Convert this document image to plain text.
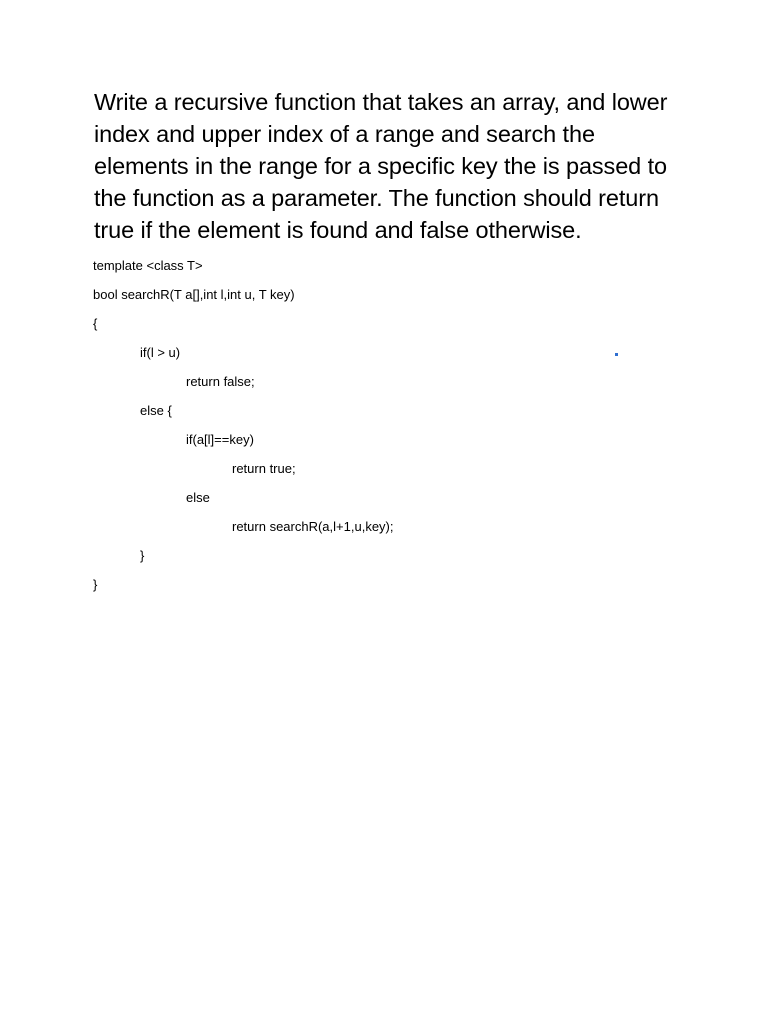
Write a recursive function that takes an array, and lower index and upper index of a range and search the elements in the range for a specific key the is passed to the function as a parameter. The function should return true if the element is found and false otherwise.

template <class T>
bool searchR(T a[],int l,int u, T key)
{
if(l > u)
return false;
else {
if(a[l]==key)
return true;
else
return searchR(a,l+1,u,key);
}
}
